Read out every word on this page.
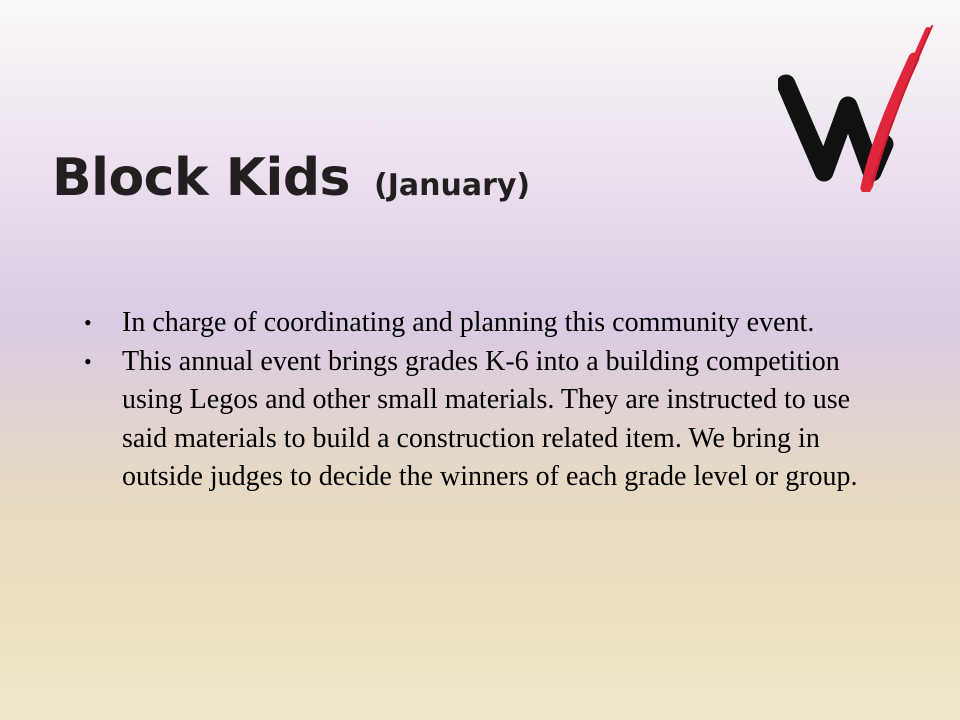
Block Kids (January)
• In charge of coordinating and planning this community event.
• This annual event brings grades K-6 into a building competition using Legos and other small materials. They are instructed to use said materials to build a construction related item. We bring in outside judges to decide the winners of each grade level or group.
